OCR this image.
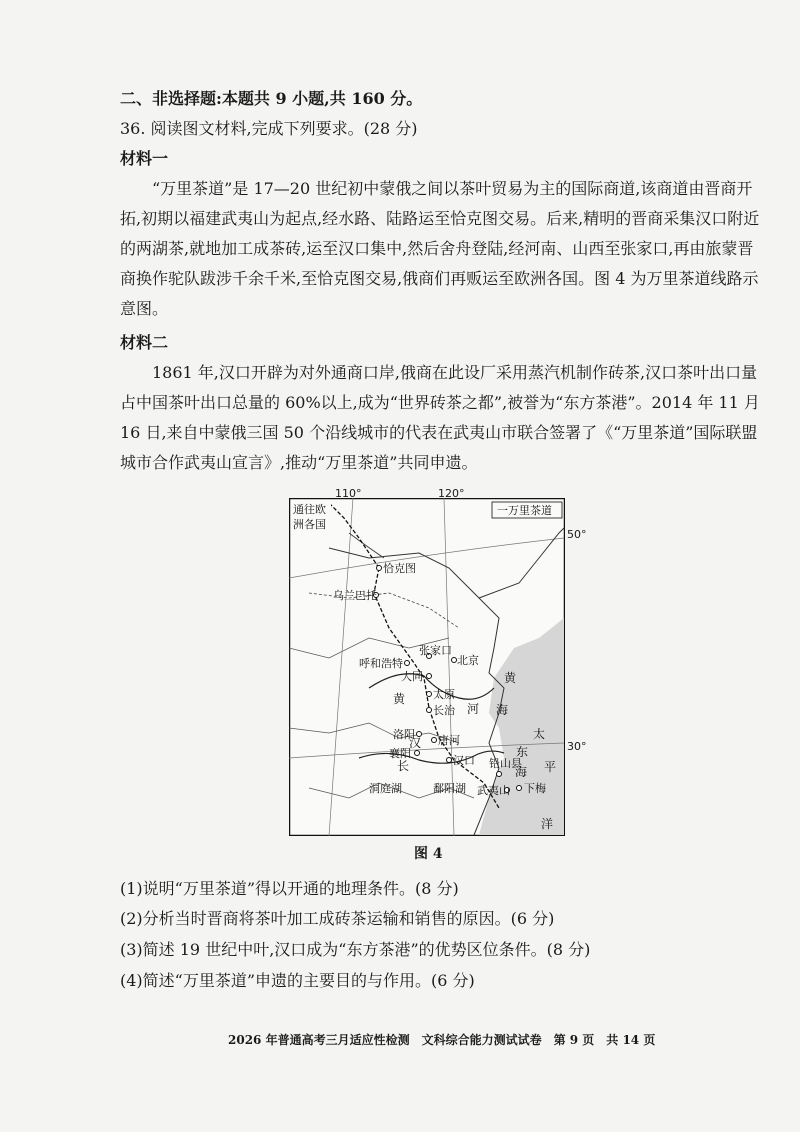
二、非选择题:本题共 9 小题,共 160 分。
36. 阅读图文材料,完成下列要求。(28 分)
材料一

“万里茶道”是 17—20 世纪初中蒙俄之间以茶叶贸易为主的国际商道,该商道由晋商开拓,初期以福建武夷山为起点,经水路、陆路运至恰克图交易。后来,精明的晋商采集汉口附近的两湖茶,就地加工成茶砖,运至汉口集中,然后舍舟登陆,经河南、山西至张家口,再由旅蒙晋商换作驼队跋涉千余千米,至恰克图交易,俄商们再贩运至欧洲各国。图 4 为万里茶道线路示意图。

材料二

1861 年,汉口开辟为对外通商口岸,俄商在此设厂采用蒸汽机制作砖茶,汉口茶叶出口量占中国茶叶出口总量的 60%以上,成为“世界砖茶之都”,被誉为“东方茶港”。2014 年 11 月 16 日,来自中蒙俄三国 50 个沿线城市的代表在武夷山市联合签署了《“万里茶道”国际联盟城市合作武夷山宣言》,推动“万里茶道”共同申遗。

一万里茶道
通往欧
洲各国
恰克图
乌兰巴托
呼和浩特
张家口
北京
大同
太原
长治
洛阳 唐河
襄阳
汉口 铅山县
武夷山 下梅
鄱阳湖
洞庭湖
黄
河
汉
长
黄
海
东
海
太
平
洋
110°	120°
50°
30°
图 4
(1)说明“万里茶道”得以开通的地理条件。(8 分)
(2)分析当时晋商将茶叶加工成砖茶运输和销售的原因。(6 分)
(3)简述 19 世纪中叶,汉口成为“东方茶港”的优势区位条件。(8 分)
(4)简述“万里茶道”申遗的主要目的与作用。(6 分)
2026 年普通高考三月适应性检测　文科综合能力测试试卷　第 9 页　共 14 页
